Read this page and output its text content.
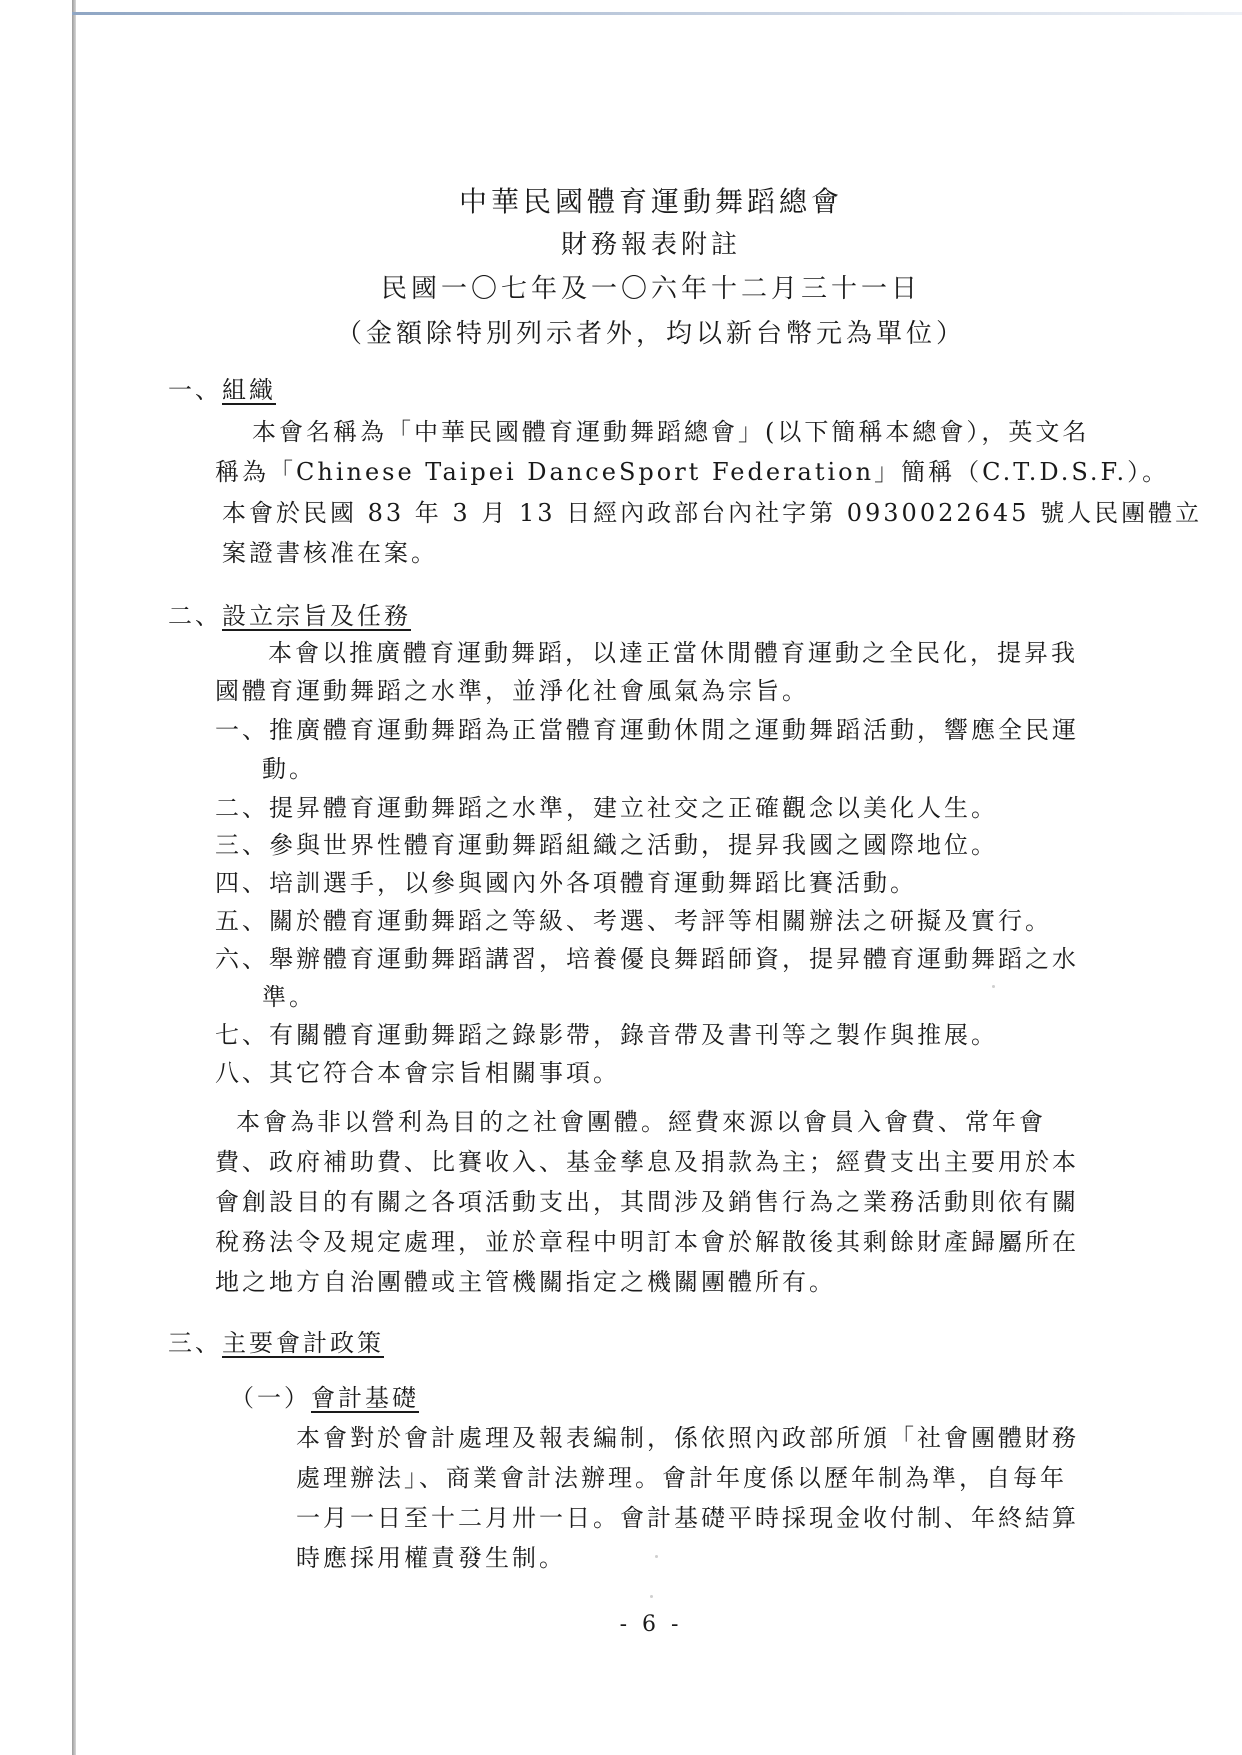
中華民國體育運動舞蹈總會
財務報表附註
民國一〇七年及一〇六年十二月三十一日
（金額除特別列示者外，均以新台幣元為單位）
一、組織
本會名稱為「中華民國體育運動舞蹈總會」(以下簡稱本總會），英文名
稱為「Chinese Taipei DanceSport Federation」簡稱（C.T.D.S.F.）。
本會於民國 83 年 3 月 13 日經內政部台內社字第 0930022645 號人民團體立
案證書核准在案。
二、設立宗旨及任務
本會以推廣體育運動舞蹈，以達正當休閒體育運動之全民化，提昇我
國體育運動舞蹈之水準，並淨化社會風氣為宗旨。
一、推廣體育運動舞蹈為正當體育運動休閒之運動舞蹈活動，響應全民運
動。
二、提昇體育運動舞蹈之水準，建立社交之正確觀念以美化人生。
三、參與世界性體育運動舞蹈組織之活動，提昇我國之國際地位。
四、培訓選手，以參與國內外各項體育運動舞蹈比賽活動。
五、關於體育運動舞蹈之等級、考選、考評等相關辦法之研擬及實行。
六、舉辦體育運動舞蹈講習，培養優良舞蹈師資，提昇體育運動舞蹈之水
準。
七、有關體育運動舞蹈之錄影帶，錄音帶及書刊等之製作與推展。
八、其它符合本會宗旨相關事項。
本會為非以營利為目的之社會團體。經費來源以會員入會費、常年會
費、政府補助費、比賽收入、基金孳息及捐款為主；經費支出主要用於本
會創設目的有關之各項活動支出，其間涉及銷售行為之業務活動則依有關
稅務法令及規定處理，並於章程中明訂本會於解散後其剩餘財產歸屬所在
地之地方自治團體或主管機關指定之機關團體所有。
三、主要會計政策
（一）會計基礎
本會對於會計處理及報表編制，係依照內政部所頒「社會團體財務
處理辦法」、商業會計法辦理。會計年度係以歷年制為準，自每年
一月一日至十二月卅一日。會計基礎平時採現金收付制、年終結算
時應採用權責發生制。
- 6 -
